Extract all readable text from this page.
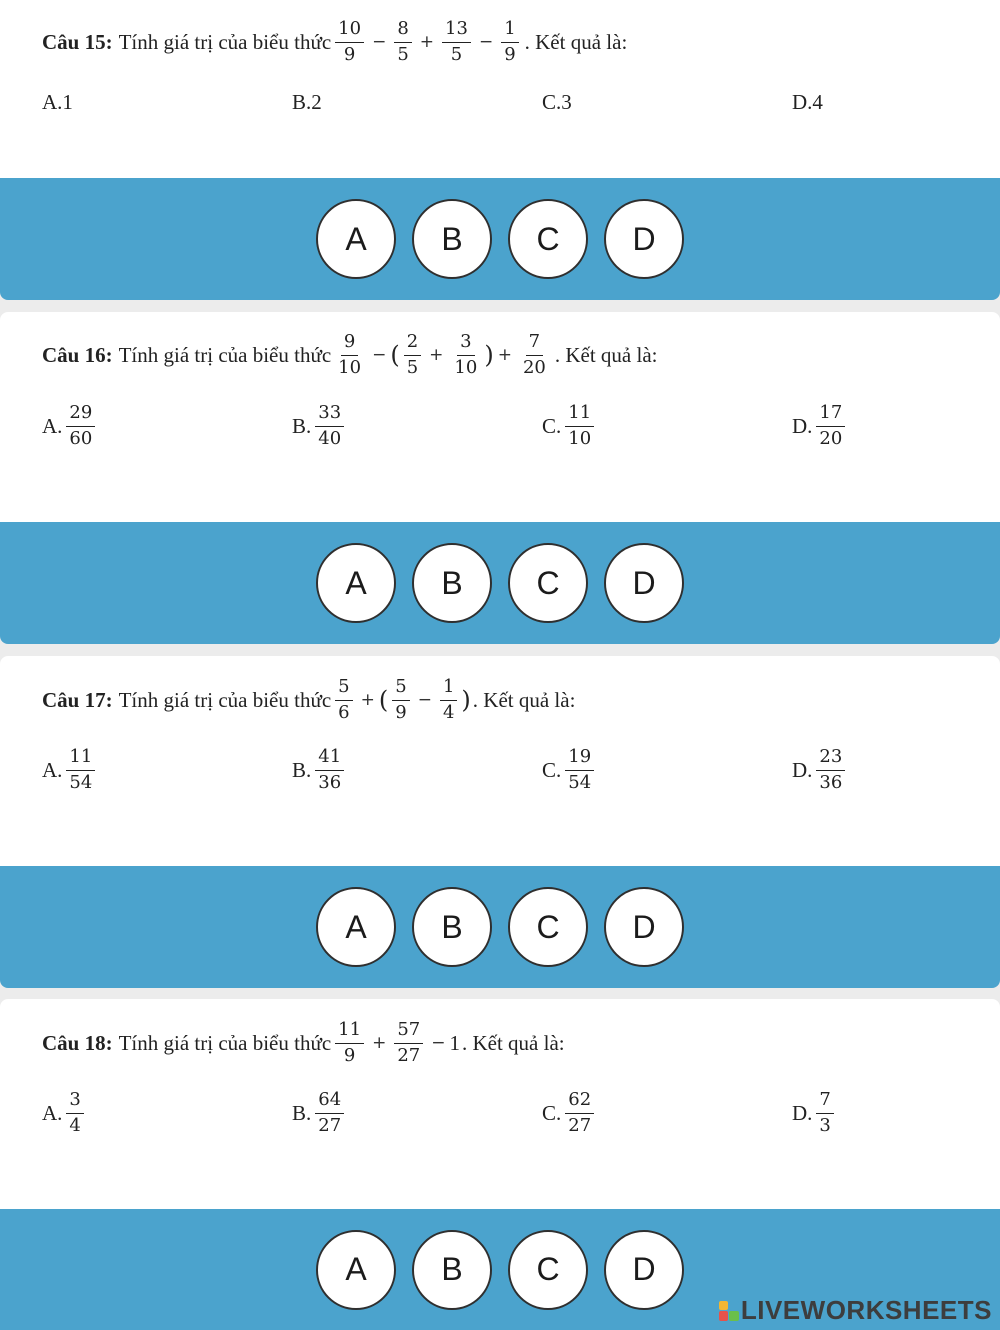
Câu 15: Tính giá trị của biểu thức $\frac{10}{9} - \frac{8}{5} + \frac{13}{5} - \frac{1}{9}$ . Kết quả là:
Câu 16: Tính giá trị của biểu thức $\frac{9}{10}$ − ( $\frac{2}{5} + \frac{3}{10}$ ) + $\frac{7}{20}$ . Kết quả là:
Câu 17: Tính giá trị của biểu thức $\frac{5}{6}$ + ( $\frac{5}{9} - \frac{1}{4}$ ) . Kết quả là:
Câu 18: Tính giá trị của biểu thức $\frac{11}{9} + \frac{57}{27} - 1$ . Kết quả là:
A. 1	B. 2	C. 3	D. 4
A. $\frac{29}{60}$	B. $\frac{33}{40}$	C. $\frac{11}{10}$	D. $\frac{17}{20}$
A. $\frac{11}{54}$	B. $\frac{41}{36}$	C. $\frac{19}{54}$	D. $\frac{23}{36}$
A. $\frac{3}{4}$	B. $\frac{64}{27}$	C. $\frac{62}{27}$	D. $\frac{7}{3}$
A	B	C	D
A	B	C	D
A	B	C	D
A	B	C	D
LIVEWORKSHEETS
